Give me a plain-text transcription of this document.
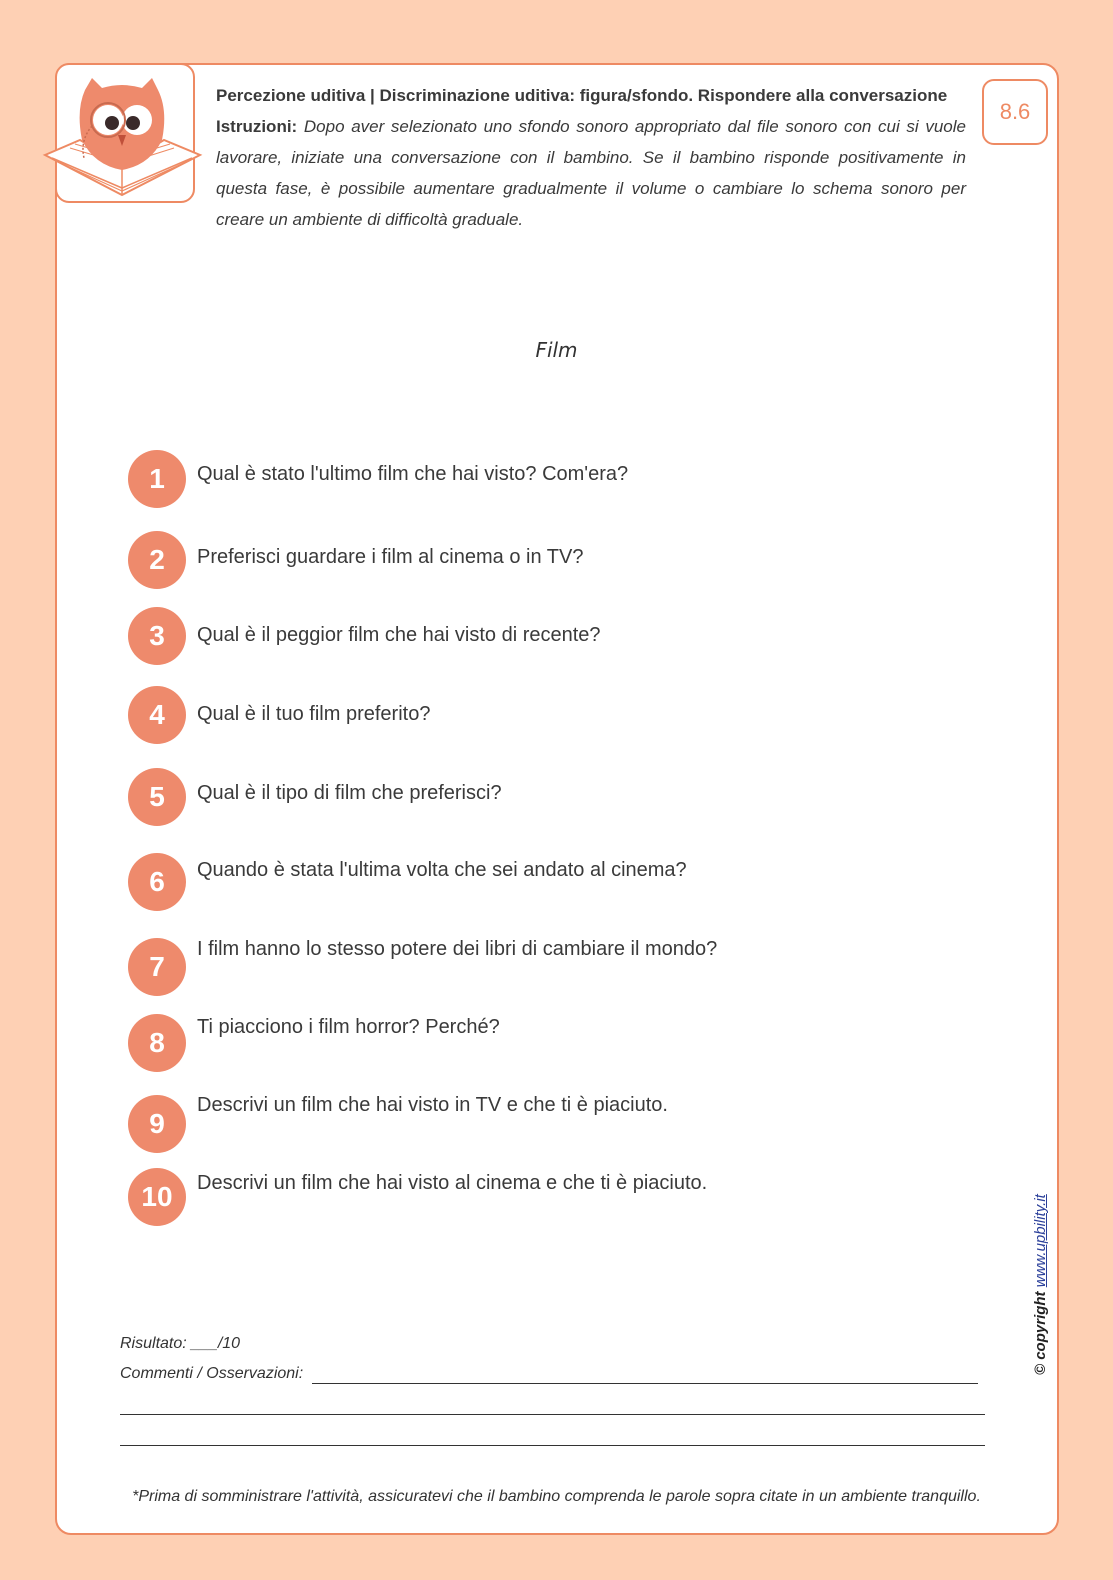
Percezione uditiva | Discriminazione uditiva: figura/sfondo. Rispondere alla conversazione

Istruzioni: Dopo aver selezionato uno sfondo sonoro appropriato dal file sonoro con cui si vuole lavorare, iniziate una conversazione con il bambino. Se il bambino risponde positivamente in questa fase, è possibile aumentare gradualmente il volume o cambiare lo schema sonoro per creare un ambiente di difficoltà graduale.

8.6
Film
1	Qual è stato l'ultimo film che hai visto? Com'era?
2	Preferisci guardare i film al cinema o in TV?
3	Qual è il peggior film che hai visto di recente?
4	Qual è il tuo film preferito?
5	Qual è il tipo di film che preferisci?
6	Quando è stata l'ultima volta che sei andato al cinema?
7
I film hanno lo stesso potere dei libri di cambiare il mondo?
8	Ti piacciono i film horror? Perché?
9
Descrivi un film che hai visto in TV e che ti è piaciuto.
10	Descrivi un film che hai visto al cinema e che ti è piaciuto.
Risultato: ___/10
Commenti / Osservazioni:
*Prima di somministrare l'attività, assicuratevi che il bambino comprenda le parole sopra citate in un ambiente tranquillo.
© copyright www.upbility.it
